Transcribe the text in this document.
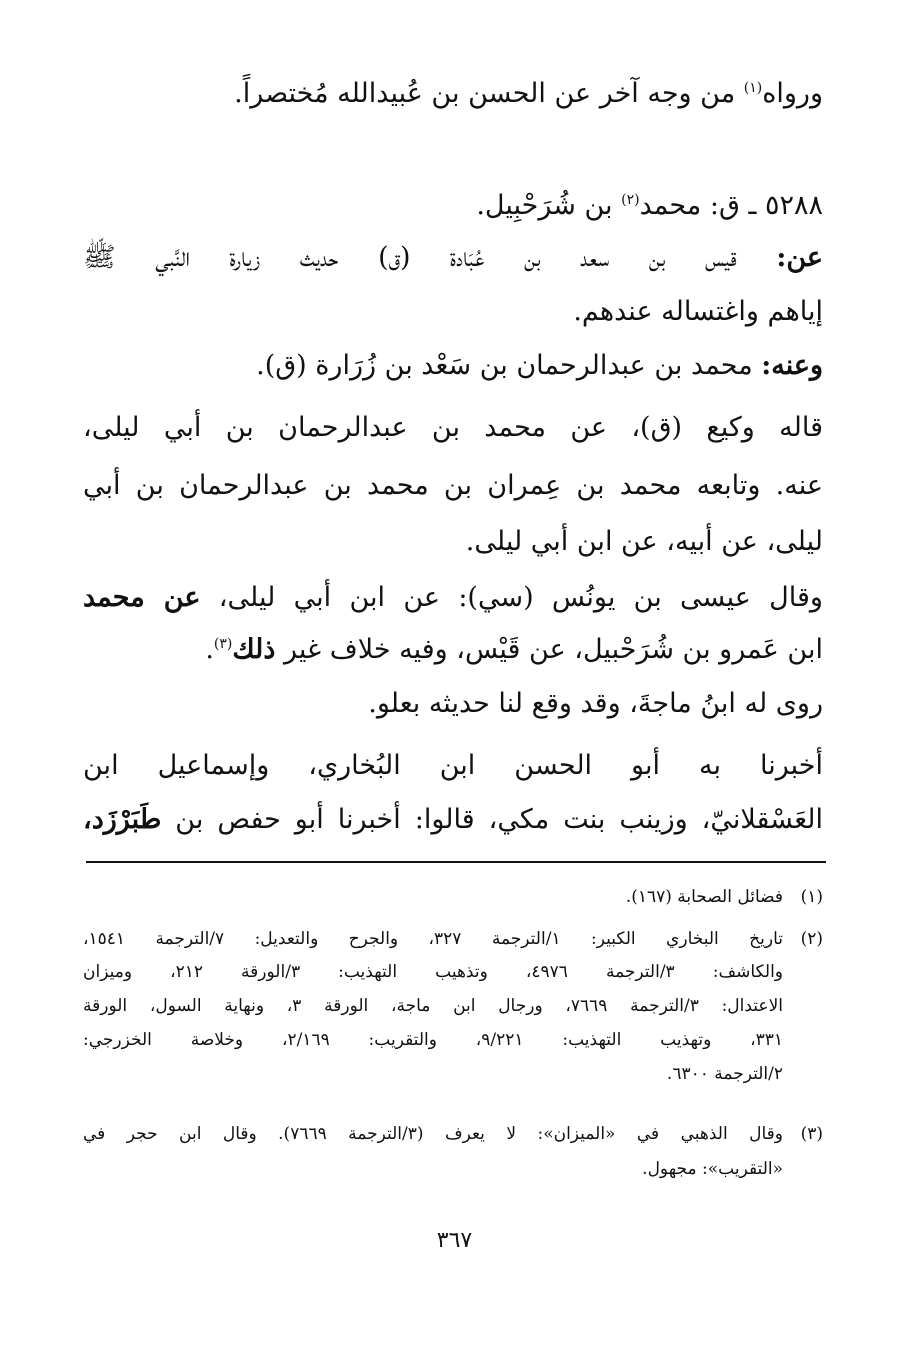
ورواه$^{(١)}$ من وجه آخر عن الحسن بن عُبيدالله مُختصراً.
٥٢٨٨ ـ ق: محمد$^{(٢)}$ بن شُرَحْبِيل.
عن: قيس بن سعد بن عُبَادة (ق) حديث زيارة النَّبي ﷺ
إياهم واغتساله عندهم.
وعنه: محمد بن عبدالرحمان بن سَعْد بن زُرَارة (ق).
قاله وكيع (ق)، عن محمد بن عبدالرحمان بن أبي ليلى،
عنه. وتابعه محمد بن عِمران بن محمد بن عبدالرحمان بن أبي
ليلى، عن أبيه، عن ابن أبي ليلى.
وقال عيسى بن يونُس (سي): عن ابن أبي ليلى، عن محمد
ابن عَمرو بن شُرَحْبيل، عن قَيْس، وفيه خلاف غير ذلك$^{(٣)}$.
روى له ابنُ ماجةَ، وقد وقع لنا حديثه بعلو.
أخبرنا به أبو الحسن ابن البُخاري، وإسماعيل ابن
العَسْقلانيّ، وزينب بنت مكي، قالوا: أخبرنا أبو حفص بن طَبَرْزَد،
(١)فضائل الصحابة (١٦٧).
(٢)
تاريخ البخاري الكبير: ١/الترجمة ٣٢٧، والجرح والتعديل: ٧/الترجمة ١٥٤١،
والكاشف: ٣/الترجمة ٤٩٧٦، وتذهيب التهذيب: ٣/الورقة ٢١٢، وميزان
الاعتدال: ٣/الترجمة ٧٦٦٩، ورجال ابن ماجة، الورقة ٣، ونهاية السول، الورقة
٣٣١، وتهذيب التهذيب: ٩/٢٢١، والتقريب: ٢/١٦٩، وخلاصة الخزرجي:
٢/الترجمة ٦٣٠٠.
(٣)
وقال الذهبي في «الميزان»: لا يعرف (٣/الترجمة ٧٦٦٩). وقال ابن حجر في
«التقريب»: مجهول.
٣٦٧
